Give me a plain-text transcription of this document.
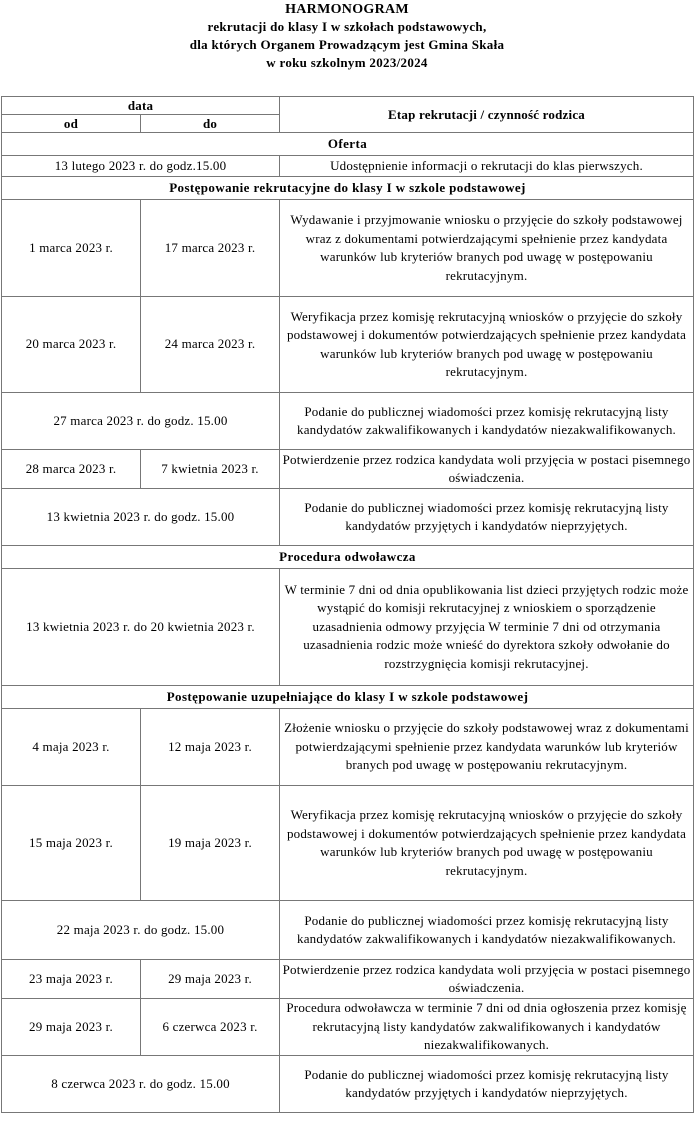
HARMONOGRAM
rekrutacji do klasy I w szkołach podstawowych,
dla których Organem Prowadzącym jest Gmina Skała
w roku szkolnym 2023/2024
data		Etap rekrutacji / czynność rodzica
od	do	
Oferta		
13 lutego 2023 r. do godz.15.00		Udostępnienie informacji o rekrutacji do klas pierwszych.
Postępowanie rekrutacyjne do klasy I w szkole podstawowej		
1 marca 2023 r.	17 marca 2023 r.	Wydawanie i przyjmowanie wniosku o przyjęcie do szkoły podstawowej wraz z dokumentami potwierdzającymi spełnienie przez kandydata warunków lub kryteriów branych pod uwagę w postępowaniu rekrutacyjnym.
20 marca 2023 r.	24 marca 2023 r.	Weryfikacja przez komisję rekrutacyjną wniosków o przyjęcie do szkoły podstawowej i dokumentów potwierdzających spełnienie przez kandydata warunków lub kryteriów branych pod uwagę w postępowaniu rekrutacyjnym.
27 marca 2023 r. do godz. 15.00		Podanie do publicznej wiadomości przez komisję rekrutacyjną listy kandydatów zakwalifikowanych i kandydatów niezakwalifikowanych.
28 marca 2023 r.	7 kwietnia 2023 r.	Potwierdzenie przez rodzica kandydata woli przyjęcia w postaci pisemnego oświadczenia.
13 kwietnia 2023 r. do godz. 15.00		Podanie do publicznej wiadomości przez komisję rekrutacyjną listy kandydatów przyjętych i kandydatów nieprzyjętych.
Procedura odwoławcza		
13 kwietnia 2023 r. do 20 kwietnia 2023 r.		W terminie 7 dni od dnia opublikowania list dzieci przyjętych rodzic może wystąpić do komisji rekrutacyjnej z wnioskiem o sporządzenie uzasadnienia odmowy przyjęcia W terminie 7 dni od otrzymania uzasadnienia rodzic może wnieść do dyrektora szkoły odwołanie do rozstrzygnięcia komisji rekrutacyjnej.
Postępowanie uzupełniające do klasy I w szkole podstawowej		
4 maja 2023 r.	12 maja 2023 r.	Złożenie wniosku o przyjęcie do szkoły podstawowej wraz z dokumentami potwierdzającymi spełnienie przez kandydata warunków lub kryteriów branych pod uwagę w postępowaniu rekrutacyjnym.
15 maja 2023 r.	19 maja 2023 r.	Weryfikacja przez komisję rekrutacyjną wniosków o przyjęcie do szkoły podstawowej i dokumentów potwierdzających spełnienie przez kandydata warunków lub kryteriów branych pod uwagę w postępowaniu rekrutacyjnym.
22 maja 2023 r. do godz. 15.00		Podanie do publicznej wiadomości przez komisję rekrutacyjną listy kandydatów zakwalifikowanych i kandydatów niezakwalifikowanych.
23 maja 2023 r.	29 maja 2023 r.	Potwierdzenie przez rodzica kandydata woli przyjęcia w postaci pisemnego oświadczenia.
29 maja 2023 r.	6 czerwca 2023 r.	Procedura odwoławcza w terminie 7 dni od dnia ogłoszenia przez komisję rekrutacyjną listy kandydatów zakwalifikowanych i kandydatów niezakwalifikowanych.
8 czerwca 2023 r. do godz. 15.00		Podanie do publicznej wiadomości przez komisję rekrutacyjną listy kandydatów przyjętych i kandydatów nieprzyjętych.
